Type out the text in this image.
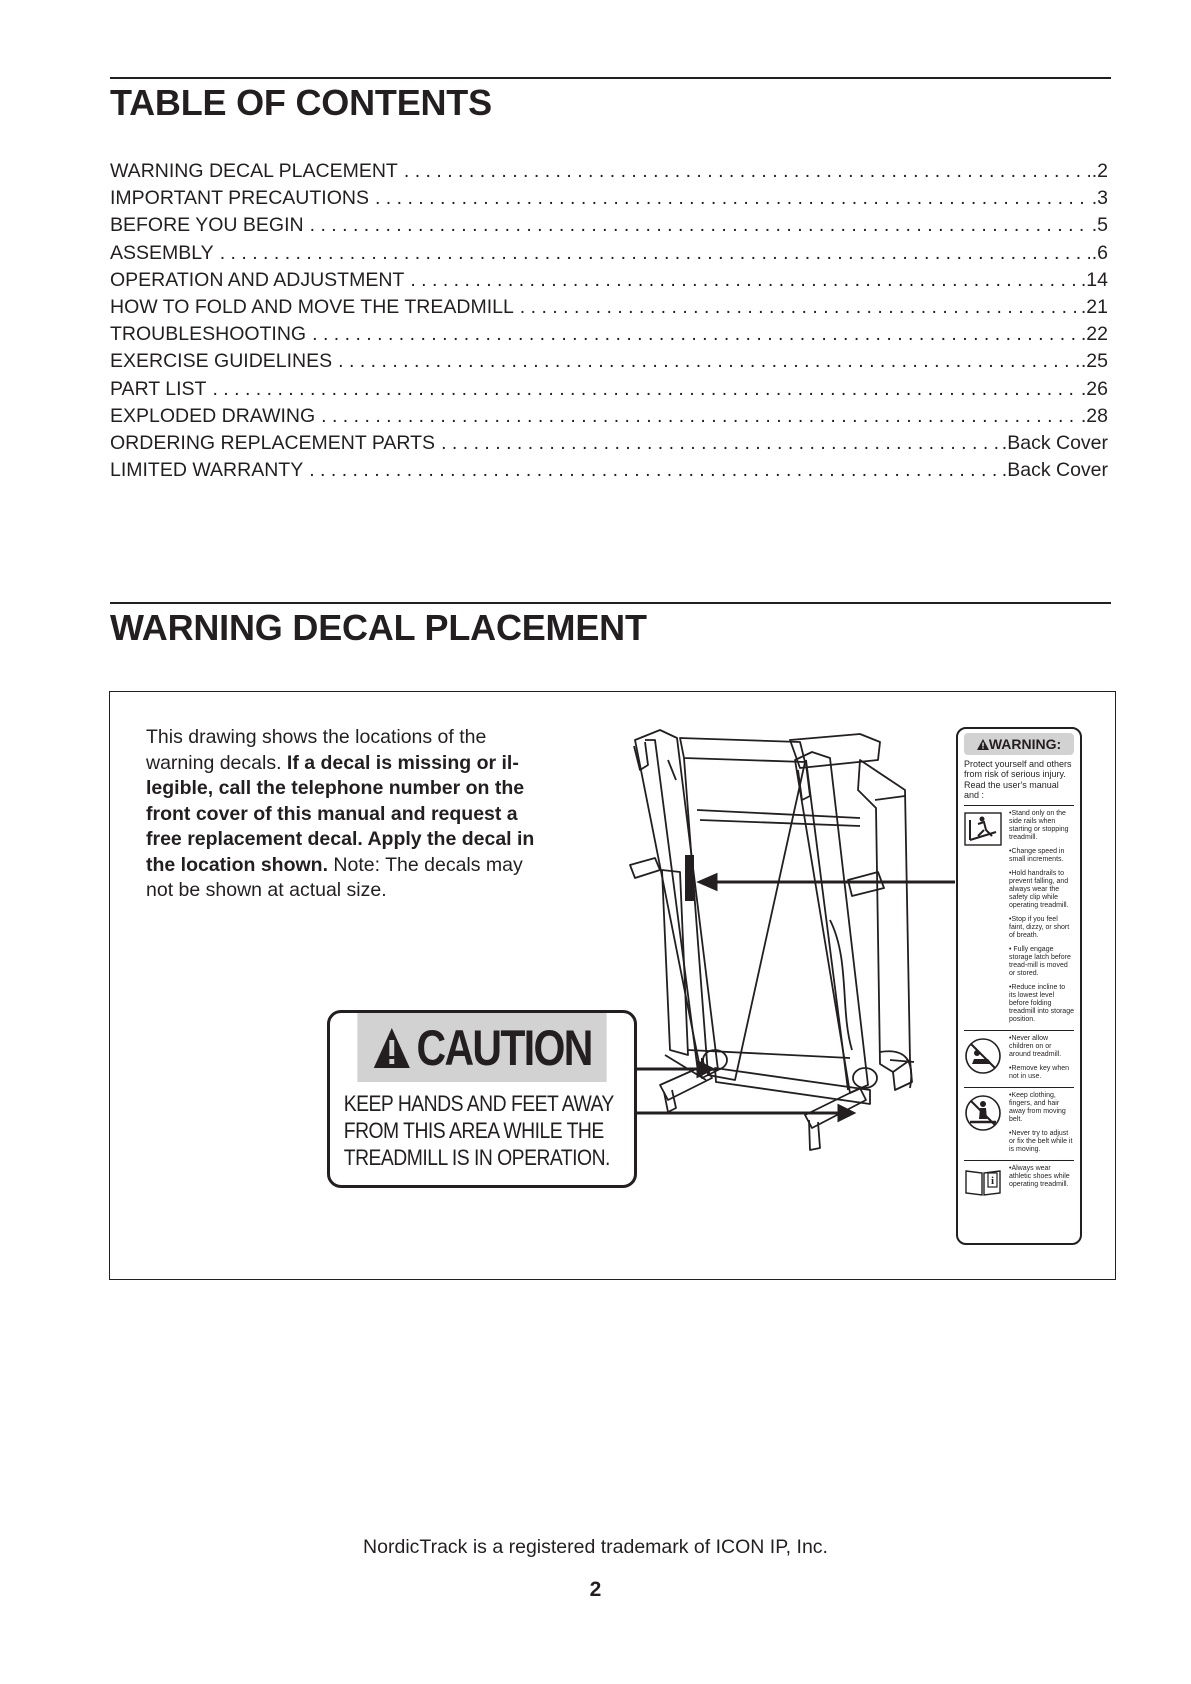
TABLE OF CONTENTS
WARNING DECAL PLACEMENT . . .	.2
IMPORTANT PRECAUTIONS . . .	.3
BEFORE YOU BEGIN . . .	.5
ASSEMBLY . . .	.6
OPERATION AND ADJUSTMENT . . .	.14
HOW TO FOLD AND MOVE THE TREADMILL . . .	.21
TROUBLESHOOTING . . .	.22
EXERCISE GUIDELINES . . .	.25
PART LIST . . .	.26
EXPLODED DRAWING . . .	.28
ORDERING REPLACEMENT PARTS . . .	.Back Cover
LIMITED WARRANTY . . .	.Back Cover
WARNING DECAL PLACEMENT
This drawing shows the locations of the warning decals. If a decal is missing or il-legible, call the telephone number on the front cover of this manual and request a free replacement decal. Apply the decal in the location shown. Note: The decals may not be shown at actual size.
CAUTION
KEEP HANDS AND FEET AWAY
FROM THIS AREA WHILE THE
TREADMILL IS IN OPERATION.
WARNING:
Protect yourself and others from risk of serious injury. Read the user's manual and :
•Stand only on the side rails when starting or stopping treadmill.
•Change speed in small increments.
•Hold handrails to prevent falling, and always wear the safety clip while operating treadmill.
•Stop if you feel faint, dizzy, or short of breath.
• Fully engage storage latch before tread-mill is moved or stored.
•Reduce incline to its lowest level before folding treadmill into storage position.
•Never allow children on or around treadmill.
•Remove key when not in use.
•Keep clothing, fingers, and hair away from moving belt.
•Never try to adjust or fix the belt while it is moving.
i
•Always wear athletic shoes while operating treadmill.
NordicTrack is a registered trademark of ICON IP, Inc.
2
